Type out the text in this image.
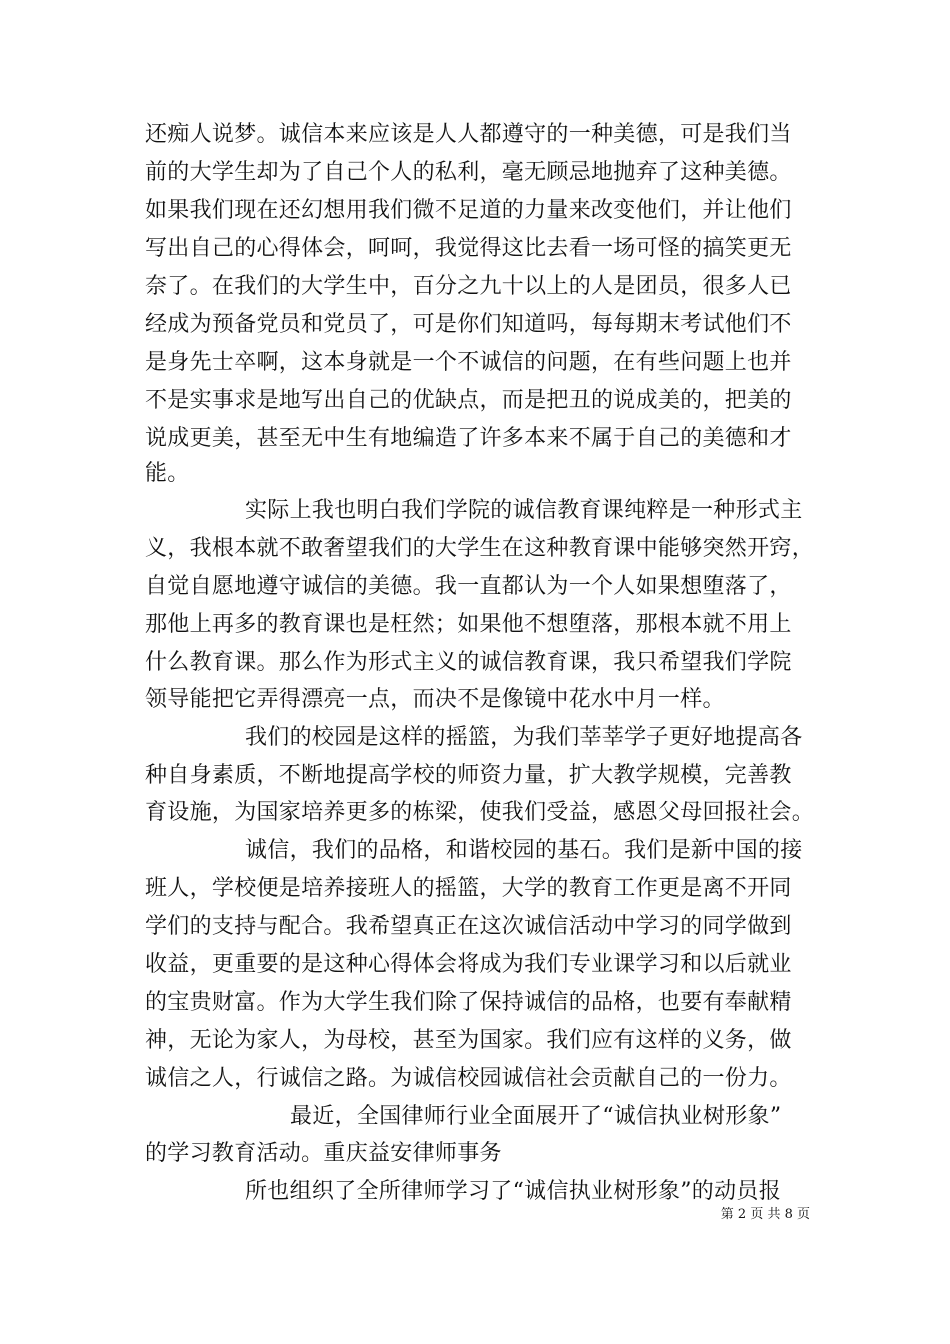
还痴人说梦。诚信本来应该是人人都遵守的一种美德，可是我们当
前的大学生却为了自己个人的私利，毫无顾忌地抛弃了这种美德。
如果我们现在还幻想用我们微不足道的力量来改变他们，并让他们
写出自己的心得体会，呵呵，我觉得这比去看一场可怪的搞笑更无
奈了。在我们的大学生中，百分之九十以上的人是团员，很多人已
经成为预备党员和党员了，可是你们知道吗，每每期末考试他们不
是身先士卒啊，这本身就是一个不诚信的问题，在有些问题上也并
不是实事求是地写出自己的优缺点，而是把丑的说成美的，把美的
说成更美，甚至无中生有地编造了许多本来不属于自己的美德和才
能。
实际上我也明白我们学院的诚信教育课纯粹是一种形式主
义，我根本就不敢奢望我们的大学生在这种教育课中能够突然开窍，
自觉自愿地遵守诚信的美德。我一直都认为一个人如果想堕落了，
那他上再多的教育课也是枉然；如果他不想堕落，那根本就不用上
什么教育课。那么作为形式主义的诚信教育课，我只希望我们学院
领导能把它弄得漂亮一点，而决不是像镜中花水中月一样。
我们的校园是这样的摇篮，为我们莘莘学子更好地提高各
种自身素质，不断地提高学校的师资力量，扩大教学规模，完善教
育设施，为国家培养更多的栋梁，使我们受益，感恩父母回报社会。
诚信，我们的品格，和谐校园的基石。我们是新中国的接
班人，学校便是培养接班人的摇篮，大学的教育工作更是离不开同
学们的支持与配合。我希望真正在这次诚信活动中学习的同学做到
收益，更重要的是这种心得体会将成为我们专业课学习和以后就业
的宝贵财富。作为大学生我们除了保持诚信的品格，也要有奉献精
神，无论为家人，为母校，甚至为国家。我们应有这样的义务，做
诚信之人，行诚信之路。为诚信校园诚信社会贡献自己的一份力。
最近，全国律师行业全面展开了“诚信执业树形象”
的学习教育活动。重庆益安律师事务
所也组织了全所律师学习了“诚信执业树形象”的动员报
第 2 页 共 8 页
